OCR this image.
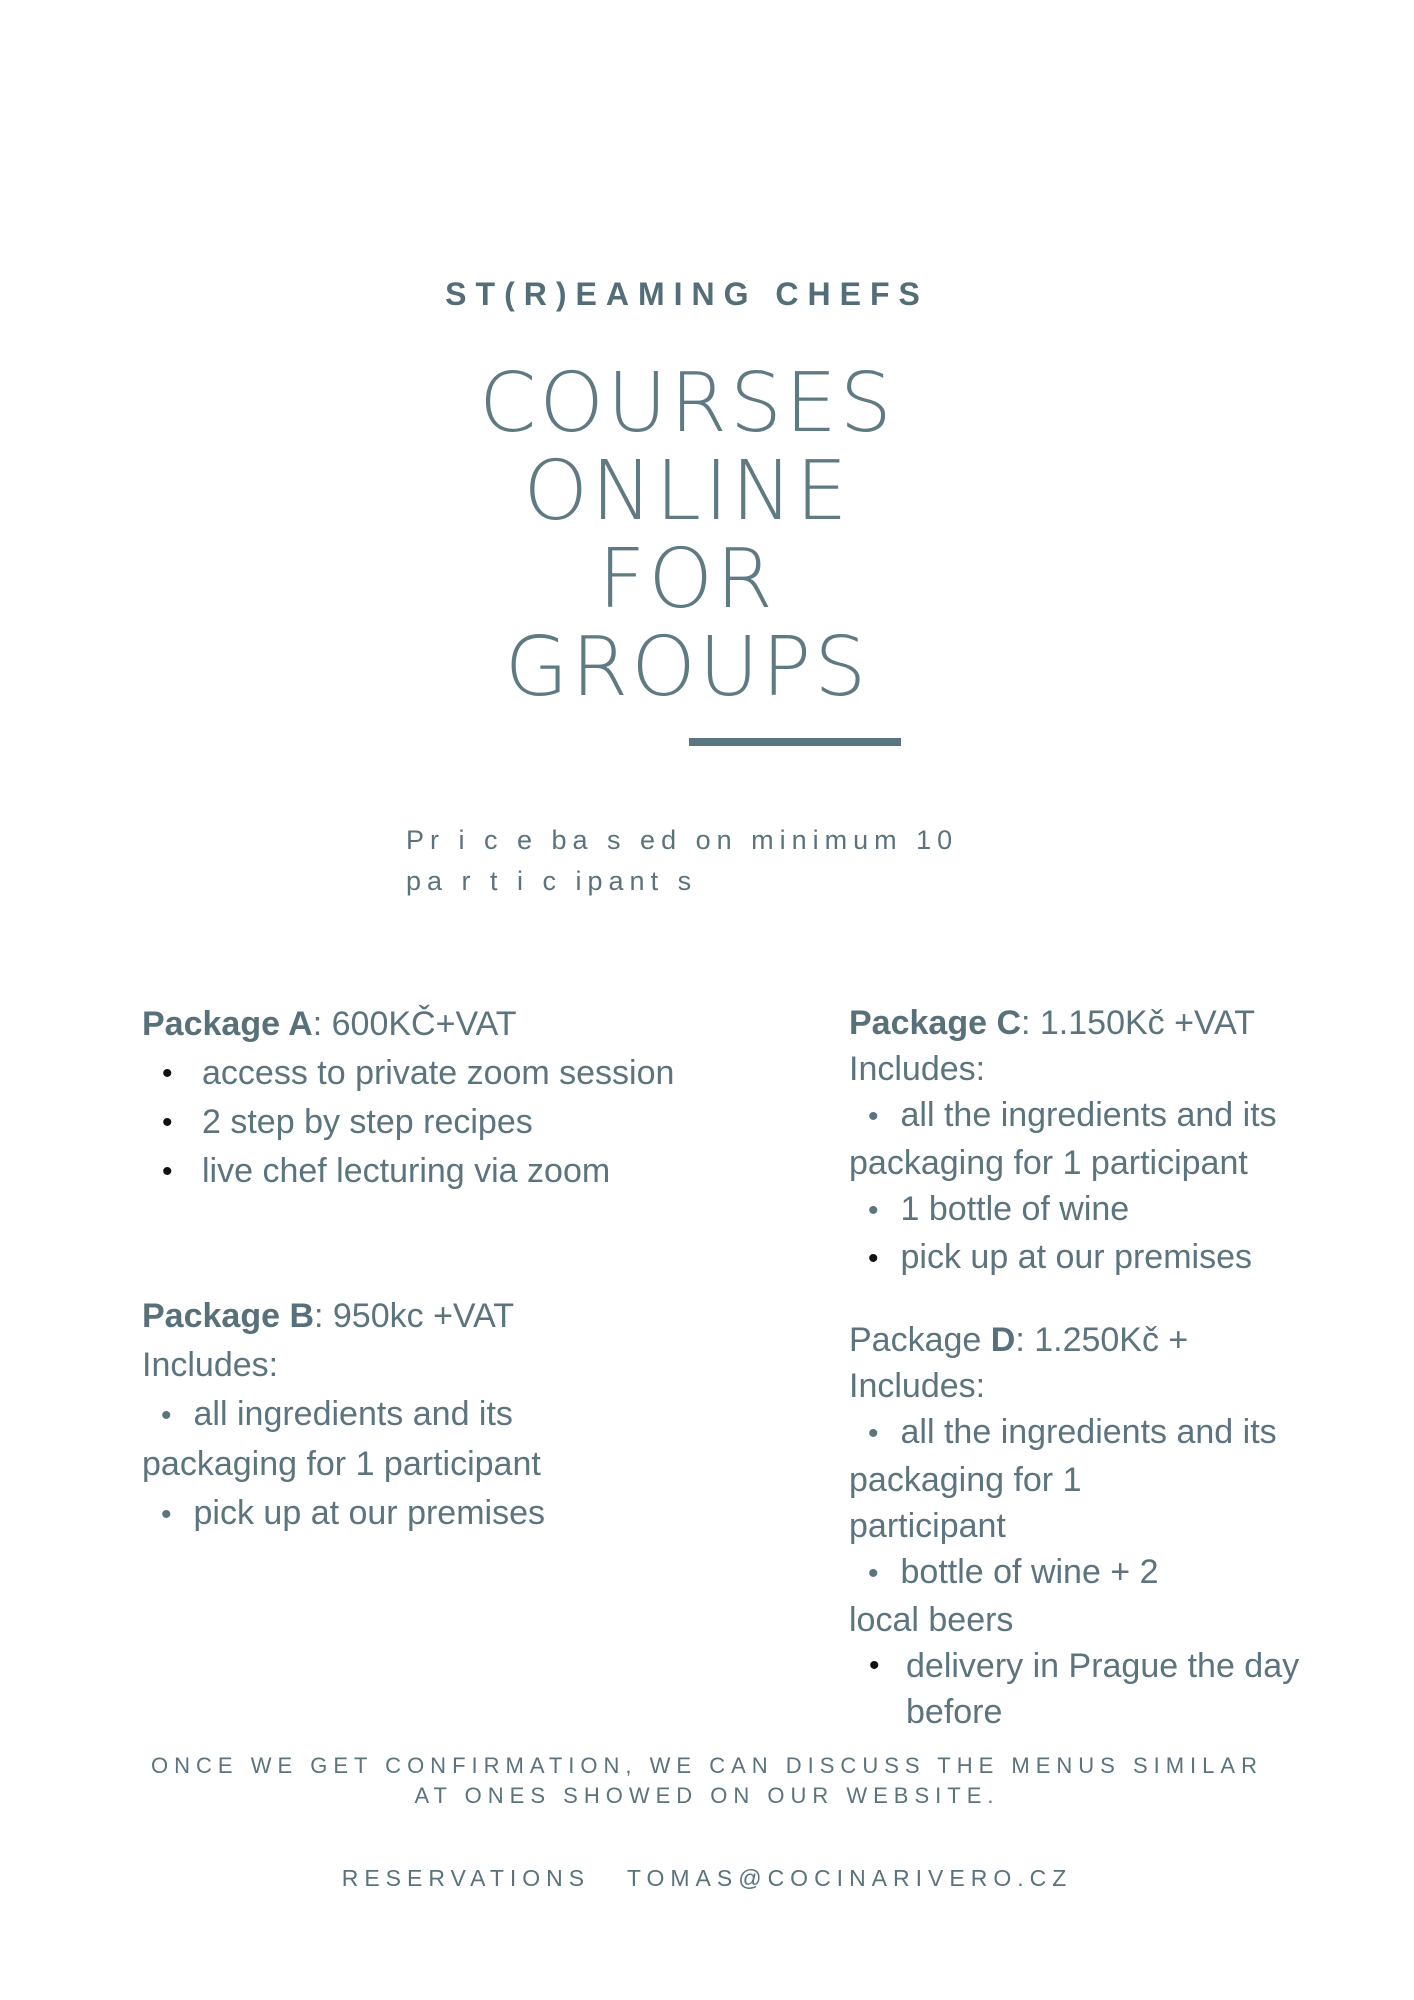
ST(R)EAMING CHEFS
COURSES
ONLINE
FOR
GROUPS
Pr i c e ba s ed on minimum 10
pa r t i c ipant s
Package A: 600KČ+VAT
• access to private zoom session
• 2 step by step recipes
• live chef lecturing via zoom
Package B: 950kc +VAT
Includes:
• all ingredients and its
packaging for 1 participant
• pick up at our premises
Package C: 1.150Kč +VAT
Includes:
• all the ingredients and its
packaging for 1 participant
• 1 bottle of wine
• pick up at our premises
Package D: 1.250Kč +
Includes:
• all the ingredients and its
packaging for 1
participant
• bottle of wine + 2
local beers
• delivery in Prague the day
before
ONCE WE GET CONFIRMATION, WE CAN DISCUSS THE MENUS SIMILAR
AT ONES SHOWED ON OUR WEBSITE.
RESERVATIONS TOMAS@COCINARIVERO.CZ
